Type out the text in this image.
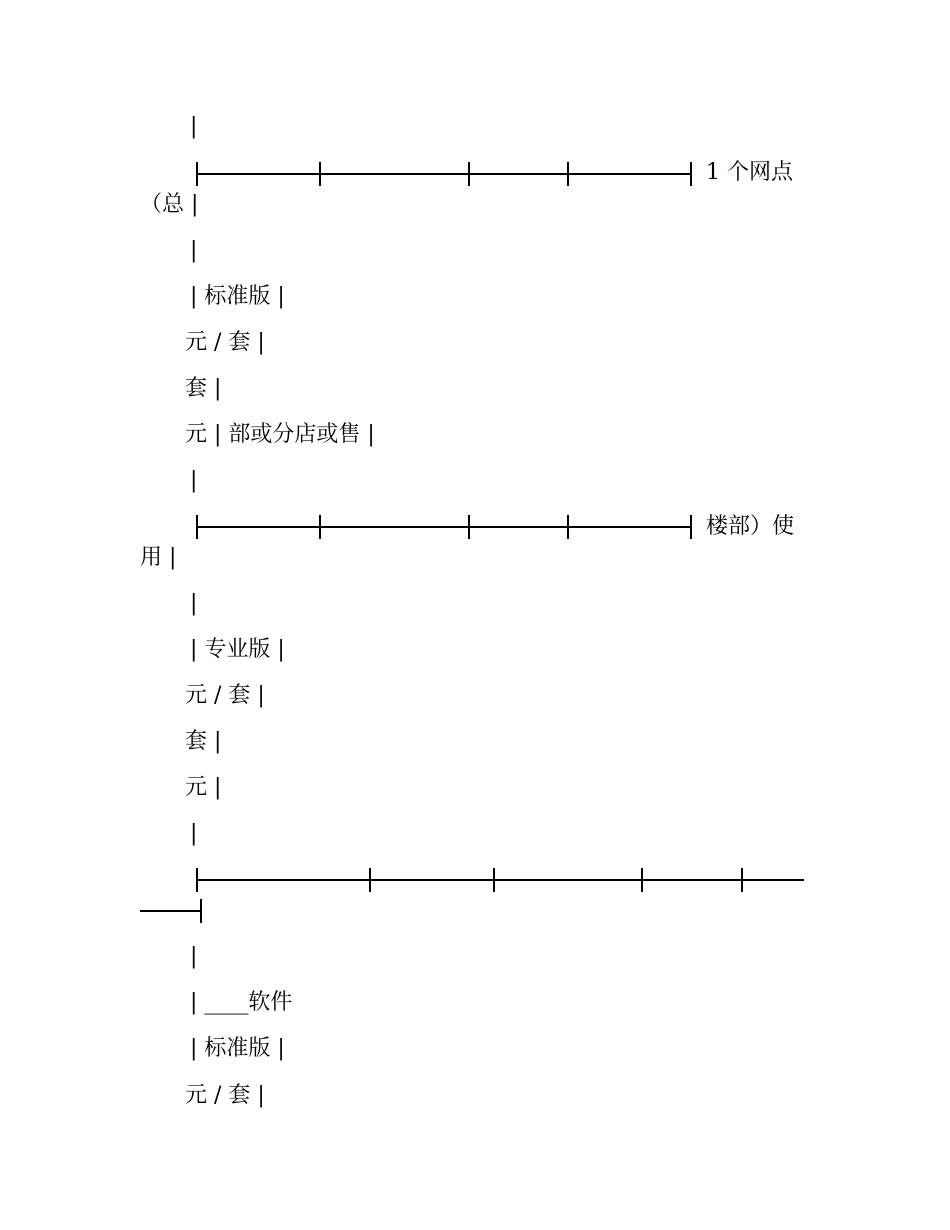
|
1 个网点
（总 |
|
| 标准版 |
元 / 套 |
套 |
元 | 部或分店或售 |
|
楼部）使
用 |
|
| 专业版 |
元 / 套 |
套 |
元 |
|
|
| ____软件
| 标准版 |
元 / 套 |
